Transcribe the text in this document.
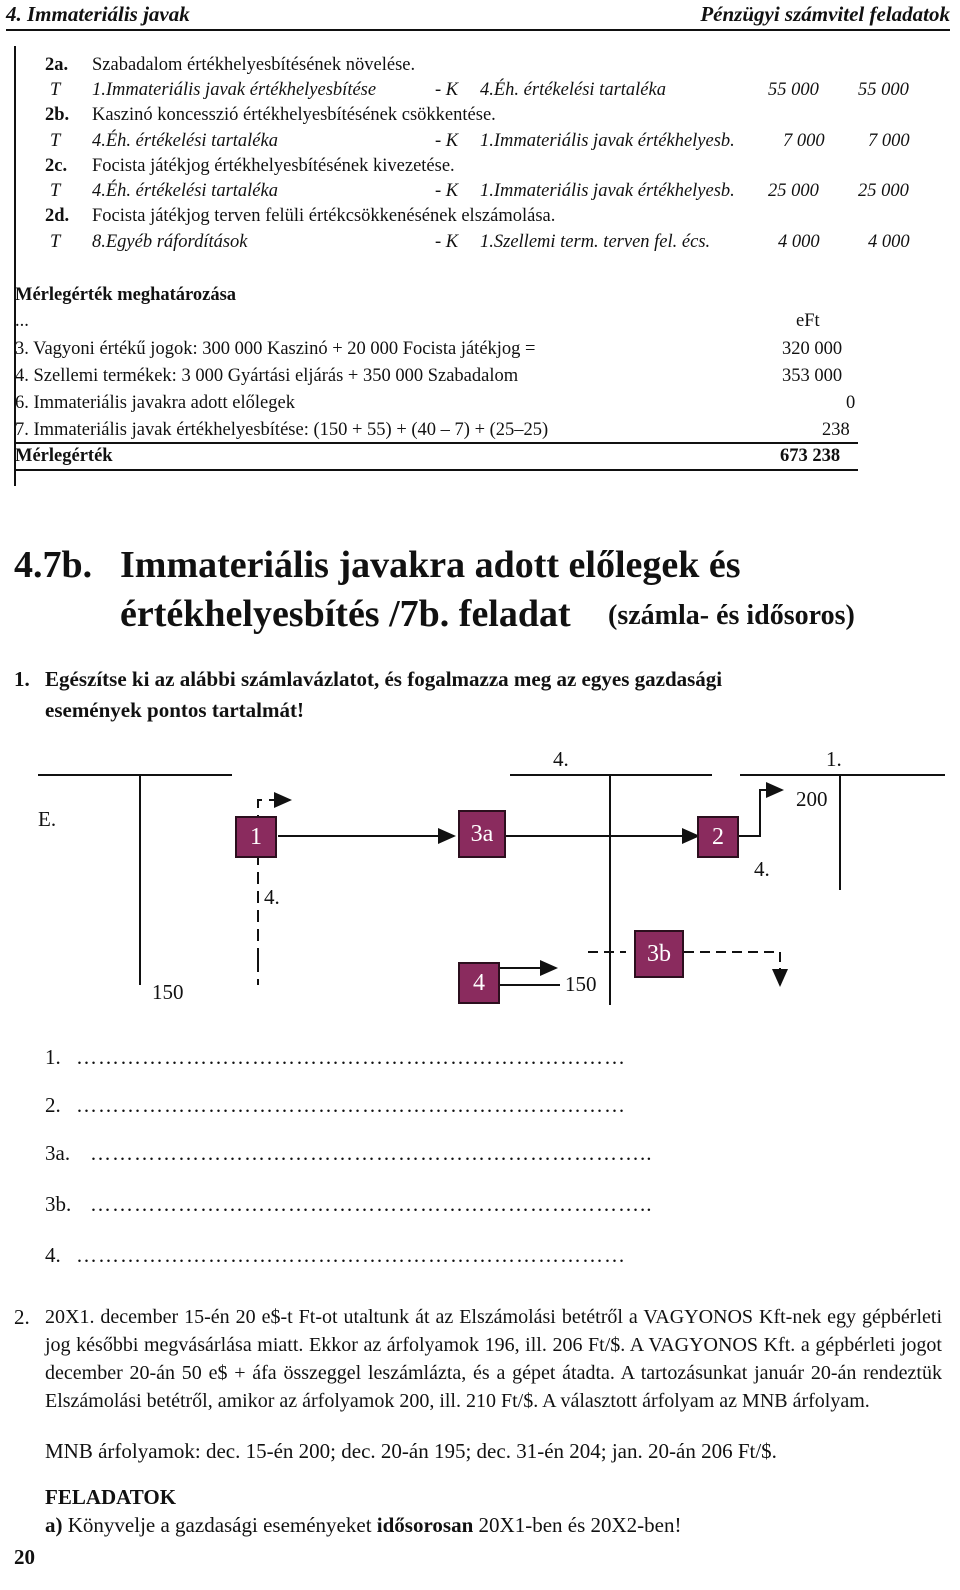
4. Immateriális javak	Pénzügyi számvitel feladatok
2a. Szabadalom értékhelyesbítésének növelése.
T 1.Immateriális javak értékhelyesbítése	- K 4.Éh. értékelési tartaléka	55 000 55 000
2b. Kaszinó koncesszió értékhelyesbítésének csökkentése.
T 4.Éh. értékelési tartaléka	- K 1.Immateriális javak értékhelyesb.	7 000 7 000
2c. Focista játékjog értékhelyesbítésének kivezetése.
T 4.Éh. értékelési tartaléka	- K 1.Immateriális javak értékhelyesb. 25 000 25 000
2d. Focista játékjog terven felüli értékcsökkenésének elszámolása.
T 8.Egyéb ráfordítások	- K 1.Szellemi term. terven fel. écs.	4 000	4 000
Mérlegérték meghatározása
...	eFt
3. Vagyoni értékű jogok: 300 000 Kaszinó + 20 000 Focista játékjog =	320 000
4. Szellemi termékek: 3 000 Gyártási eljárás + 350 000 Szabadalom	353 000
6. Immateriális javakra adott előlegek	0
7. Immateriális javak értékhelyesbítése: (150 + 55) + (40 – 7) + (25–25)	238
Mérlegérték	673 238
4.7b. Immateriális javakra adott előlegek és
értékhelyesbítés /7b. feladat (számla- és idősoros)
1. Egészítse ki az alábbi számlavázlatot, és fogalmazza meg az egyes gazdasági
események pontos tartalmát!
E.
4.	1.
4.
4.
150	150
200
1	3a	2
3b
4
1. …………………………………………………………………
2. …………………………………………………………………
3a. …………………………………………………………………..
3b. …………………………………………………………………..
4. …………………………………………………………………
2. 20X1. december 15-én 20 e$-t Ft-ot utaltunk át az Elszámolási betétről a VAGYONOS Kft-nek egy gépbérleti jog későbbi megvásárlása miatt. Ekkor az árfolyamok 196, ill. 206 Ft/$. A VAGYONOS Kft. a gépbérleti jogot december 20-án 50 e$ + áfa összeggel leszámlázta, és a gépet átadta. A tartozásunkat január 20-án rendeztük Elszámolási betétről, amikor az árfolyamok 200, ill. 210 Ft/$. A választott árfolyam az MNB árfolyam.
MNB árfolyamok: dec. 15-én 200; dec. 20-án 195; dec. 31-én 204; jan. 20-án 206 Ft/$.
FELADATOK
a) Könyvelje a gazdasági eseményeket idősorosan 20X1-ben és 20X2-ben!
20
